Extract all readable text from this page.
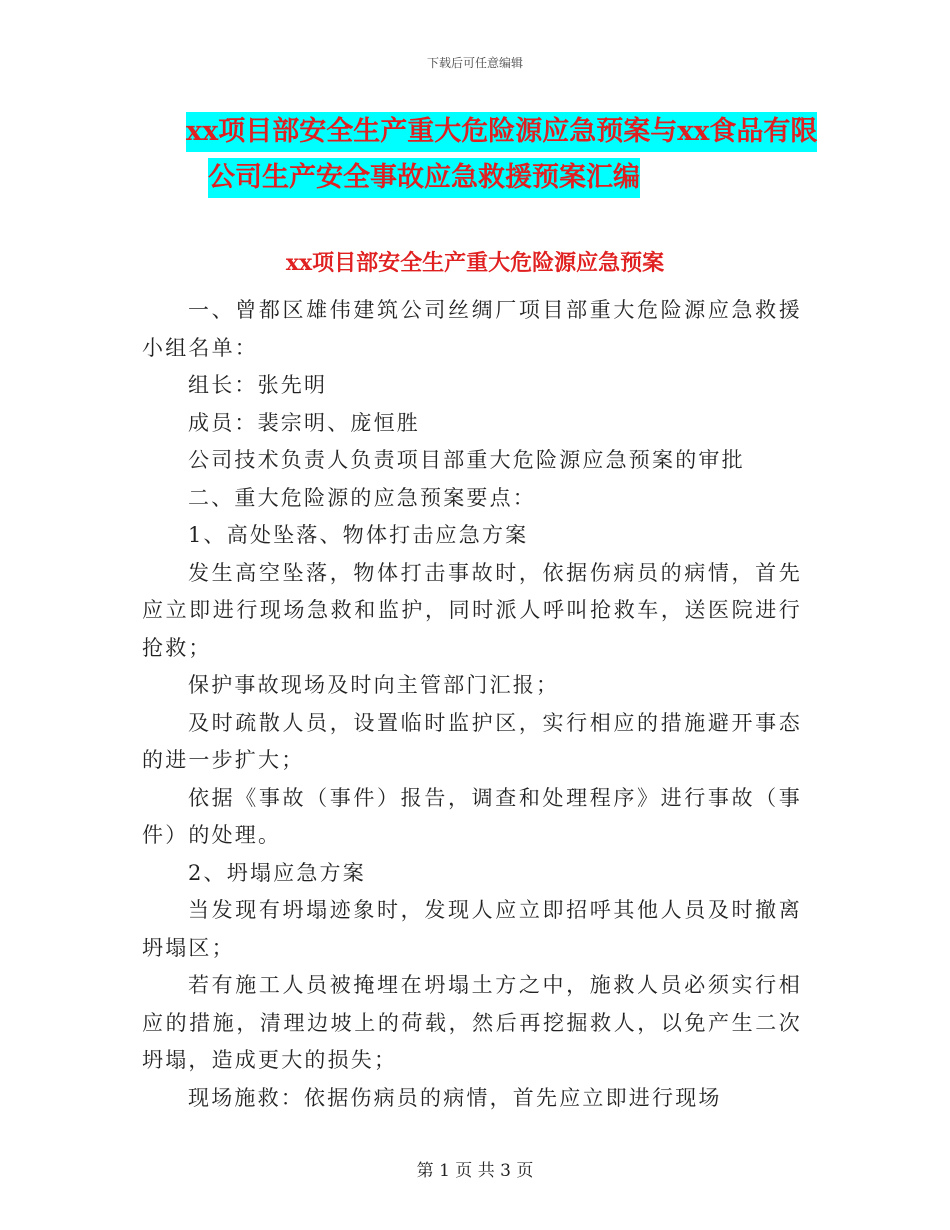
下载后可任意编辑
xx项目部安全生产重大危险源应急预案与xx食品有限
公司生产安全事故应急救援预案汇编
xx项目部安全生产重大危险源应急预案

一、曾都区雄伟建筑公司丝绸厂项目部重大危险源应急救援小组名单：

组长：张先明

成员：裴宗明、庞恒胜

公司技术负责人负责项目部重大危险源应急预案的审批

二、重大危险源的应急预案要点：

1、高处坠落、物体打击应急方案

发生高空坠落，物体打击事故时，依据伤病员的病情，首先应立即进行现场急救和监护，同时派人呼叫抢救车，送医院进行抢救；

保护事故现场及时向主管部门汇报；

及时疏散人员，设置临时监护区，实行相应的措施避开事态的进一步扩大；

依据《事故（事件）报告，调查和处理程序》进行事故（事件）的处理。

2、坍塌应急方案

当发现有坍塌迹象时，发现人应立即招呼其他人员及时撤离坍塌区；

若有施工人员被掩埋在坍塌土方之中，施救人员必须实行相应的措施，清理边坡上的荷载，然后再挖掘救人，以免产生二次坍塌，造成更大的损失；

现场施救：依据伤病员的病情，首先应立即进行现场

第 1 页 共 3 页
